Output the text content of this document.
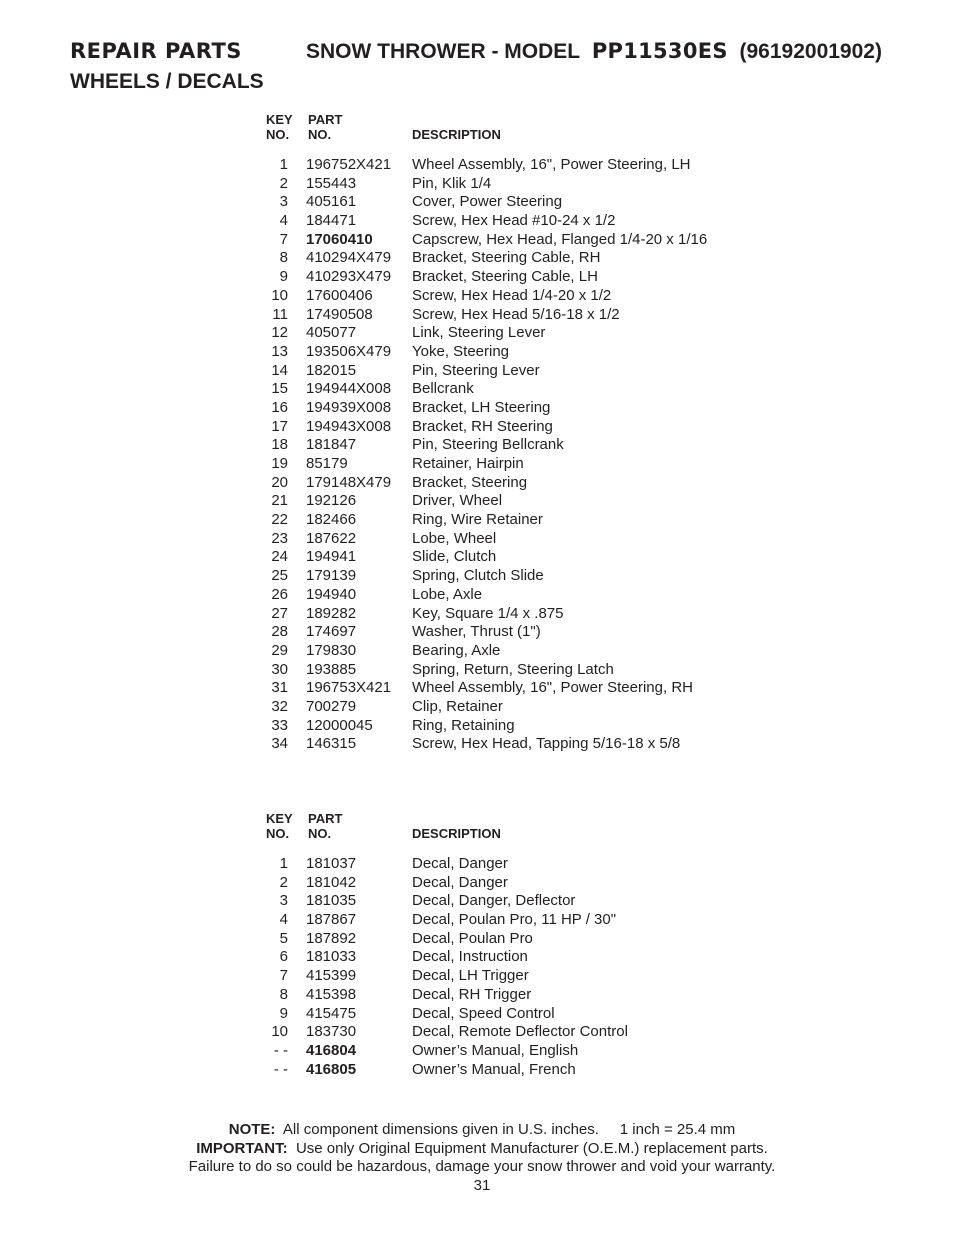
REPAIR PARTS	SNOW THROWER - MODEL PP11530ES (96192001902)
WHEELS / DECALS
KEY
NO.
PART
NO.	DESCRIPTION
1 196752X421 Wheel Assembly, 16", Power Steering, LH
2 155443	Pin, Klik 1/4
3 405161	Cover, Power Steering
4 184471	Screw, Hex Head #10-24 x 1/2
7 17060410	Capscrew, Hex Head, Flanged 1/4-20 x 1/16
8 410294X479 Bracket, Steering Cable, RH
9 410293X479 Bracket, Steering Cable, LH
10 17600406	Screw, Hex Head 1/4-20 x 1/2
11 17490508	Screw, Hex Head 5/16-18 x 1/2
12 405077	Link, Steering Lever
13 193506X479 Yoke, Steering
14 182015	Pin, Steering Lever
15 194944X008 Bellcrank
16 194939X008 Bracket, LH Steering
17 194943X008 Bracket, RH Steering
18 181847	Pin, Steering Bellcrank
19 85179	Retainer, Hairpin
20 179148X479 Bracket, Steering
21 192126	Driver, Wheel
22 182466	Ring, Wire Retainer
23 187622	Lobe, Wheel
24 194941	Slide, Clutch
25 179139	Spring, Clutch Slide
26 194940	Lobe, Axle
27 189282	Key, Square 1/4 x .875
28 174697	Washer, Thrust (1")
29 179830	Bearing, Axle
30 193885	Spring, Return, Steering Latch
31 196753X421 Wheel Assembly, 16", Power Steering, RH
32 700279	Clip, Retainer
33 12000045	Ring, Retaining
34 146315	Screw, Hex Head, Tapping 5/16-18 x 5/8
KEY
NO.
PART
NO.	DESCRIPTION
1 181037	Decal, Danger
2 181042	Decal, Danger
3 181035	Decal, Danger, Deflector
4 187867	Decal, Poulan Pro, 11 HP / 30"
5 187892	Decal, Poulan Pro
6 181033	Decal, Instruction
7 415399	Decal, LH Trigger
8 415398	Decal, RH Trigger
9 415475	Decal, Speed Control
10 183730	Decal, Remote Deflector Control
- - 416804	Owner’s Manual, English
- - 416805	Owner’s Manual, French
NOTE: All component dimensions given in U.S. inches. 1 inch = 25.4 mm
IMPORTANT: Use only Original Equipment Manufacturer (O.E.M.) replacement parts.
Failure to do so could be hazardous, damage your snow thrower and void your warranty.
31
